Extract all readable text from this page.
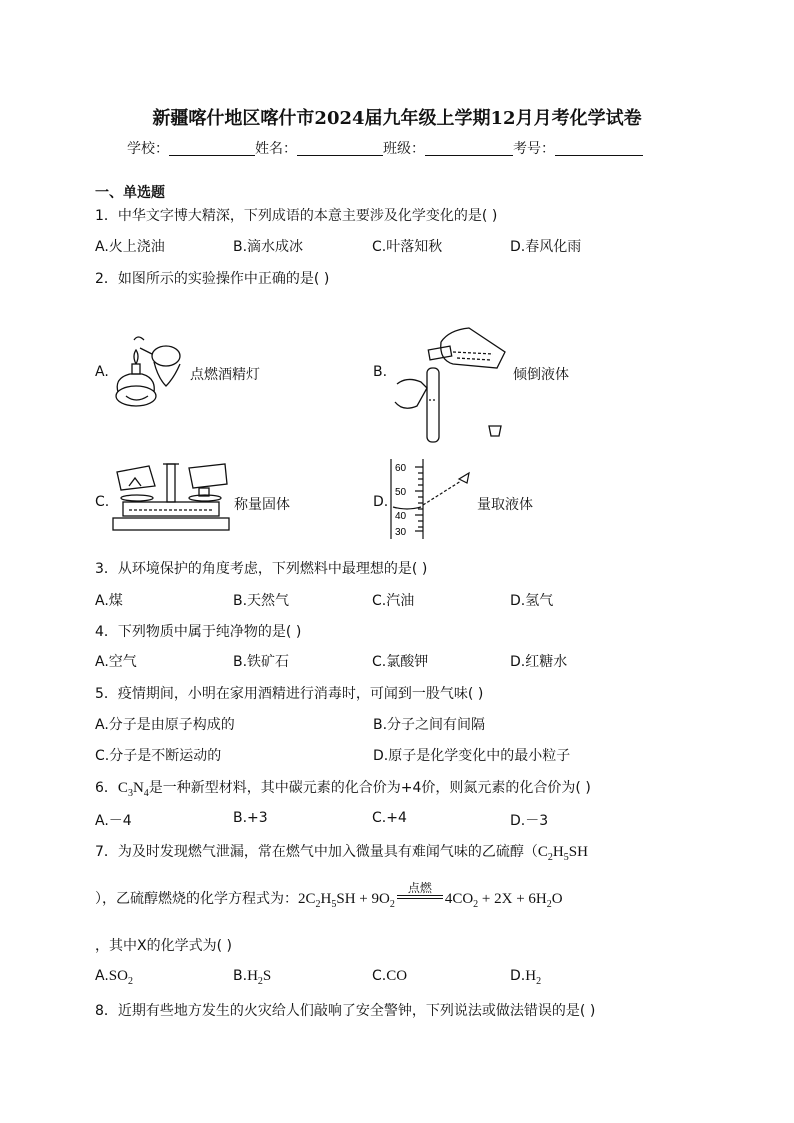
新疆喀什地区喀什市2024届九年级上学期12月月考化学试卷
学校：	姓名：	班级：	考号：
一、单选题
1．中华文字博大精深，下列成语的本意主要涉及化学变化的是( )
A.火上浇油	B.滴水成冰	C.叶落知秋	D.春风化雨
2．如图所示的实验操作中正确的是( )
A.	点燃酒精灯	B.	倾倒液体
C.	称量固体	D.
60
50
40
30
量取液体
3．从环境保护的角度考虑，下列燃料中最理想的是( )
A.煤	B.天然气	C.汽油	D.氢气
4．下列物质中属于纯净物的是( )
A.空气	B.铁矿石	C.氯酸钾	D.红糖水
5．疫情期间，小明在家用酒精进行消毒时，可闻到一股气味( )
A.分子是由原子构成的	B.分子之间有间隔
C.分子是不断运动的	D.原子是化学变化中的最小粒子
6．$C_3N_4$是一种新型材料，其中碳元素的化合价为+4价，则氮元素的化合价为( )
A.－4	B.+3	C.+4	D.－3
7．为及时发现燃气泄漏，常在燃气中加入微量具有难闻气味的乙硫醇（$C_2H_5SH$
），乙硫醇燃烧的化学方程式为：$2C_2H_5SH + 9O_2$
点燃
$4CO_2 + 2X + 6H_2O$
，其中X的化学式为( )
$A.SO_2$	$B.H_2S$	C.CO	$D.H_2$
8．近期有些地方发生的火灾给人们敲响了安全警钟，下列说法或做法错误的是( )
